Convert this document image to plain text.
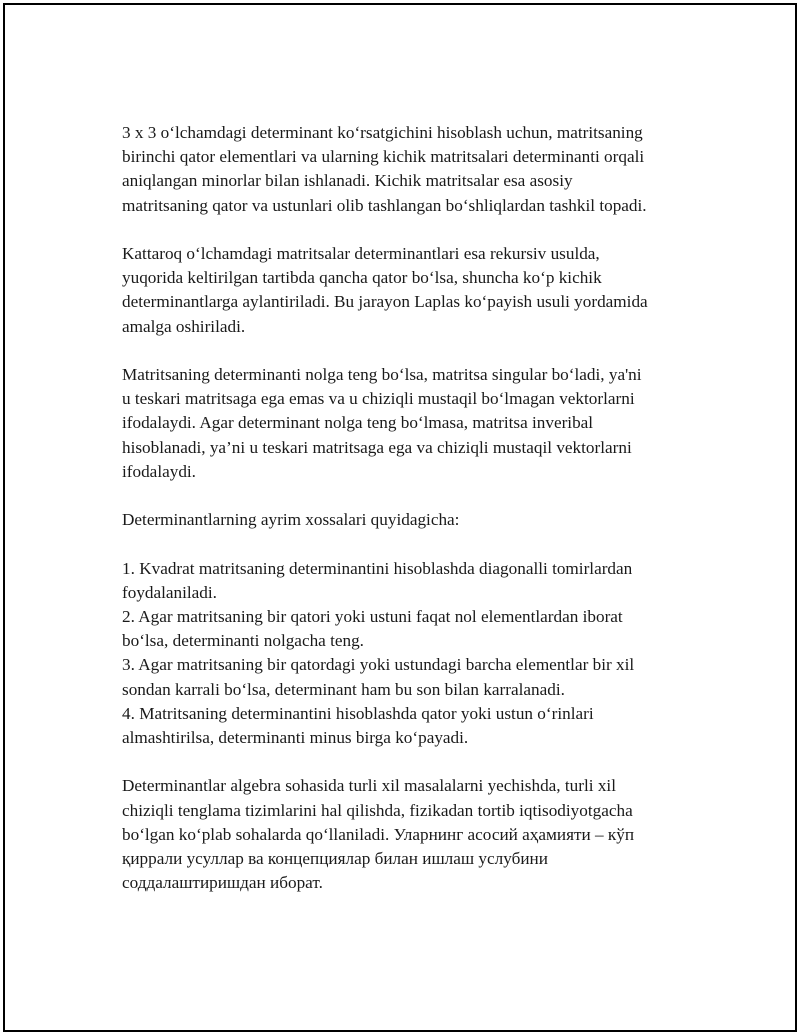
3 x 3 o‘lchamdagi determinant ko‘rsatgichini hisoblash uchun, matritsaning
birinchi qator elementlari va ularning kichik matritsalari determinanti orqali
aniqlangan minorlar bilan ishlanadi. Kichik matritsalar esa asosiy
matritsaning qator va ustunlari olib tashlangan bo‘shliqlardan tashkil topadi.

Kattaroq o‘lchamdagi matritsalar determinantlari esa rekursiv usulda,
yuqorida keltirilgan tartibda qancha qator bo‘lsa, shuncha ko‘p kichik
determinantlarga aylantiriladi. Bu jarayon Laplas ko‘payish usuli yordamida
amalga oshiriladi.

Matritsaning determinanti nolga teng bo‘lsa, matritsa singular bo‘ladi, ya'ni
u teskari matritsaga ega emas va u chiziqli mustaqil bo‘lmagan vektorlarni
ifodalaydi. Agar determinant nolga teng bo‘lmasa, matritsa inveribal
hisoblanadi, ya’ni u teskari matritsaga ega va chiziqli mustaqil vektorlarni
ifodalaydi.

Determinantlarning ayrim xossalari quyidagicha:

1. Kvadrat matritsaning determinantini hisoblashda diagonalli tomirlardan
foydalaniladi.

2. Agar matritsaning bir qatori yoki ustuni faqat nol elementlardan iborat
bo‘lsa, determinanti nolgacha teng.

3. Agar matritsaning bir qatordagi yoki ustundagi barcha elementlar bir xil
sondan karrali bo‘lsa, determinant ham bu son bilan karralanadi.

4. Matritsaning determinantini hisoblashda qator yoki ustun o‘rinlari
almashtirilsa, determinanti minus birga ko‘payadi.

Determinantlar algebra sohasida turli xil masalalarni yechishda, turli xil
chiziqli tenglama tizimlarini hal qilishda, fizikadan tortib iqtisodiyotgacha
bo‘lgan ko‘plab sohalarda qo‘llaniladi. Уларнинг асосий аҳамияти – кўп
қиррали усуллар ва концепциялар билан ишлаш услубини
соддалаштиришдан иборат.
